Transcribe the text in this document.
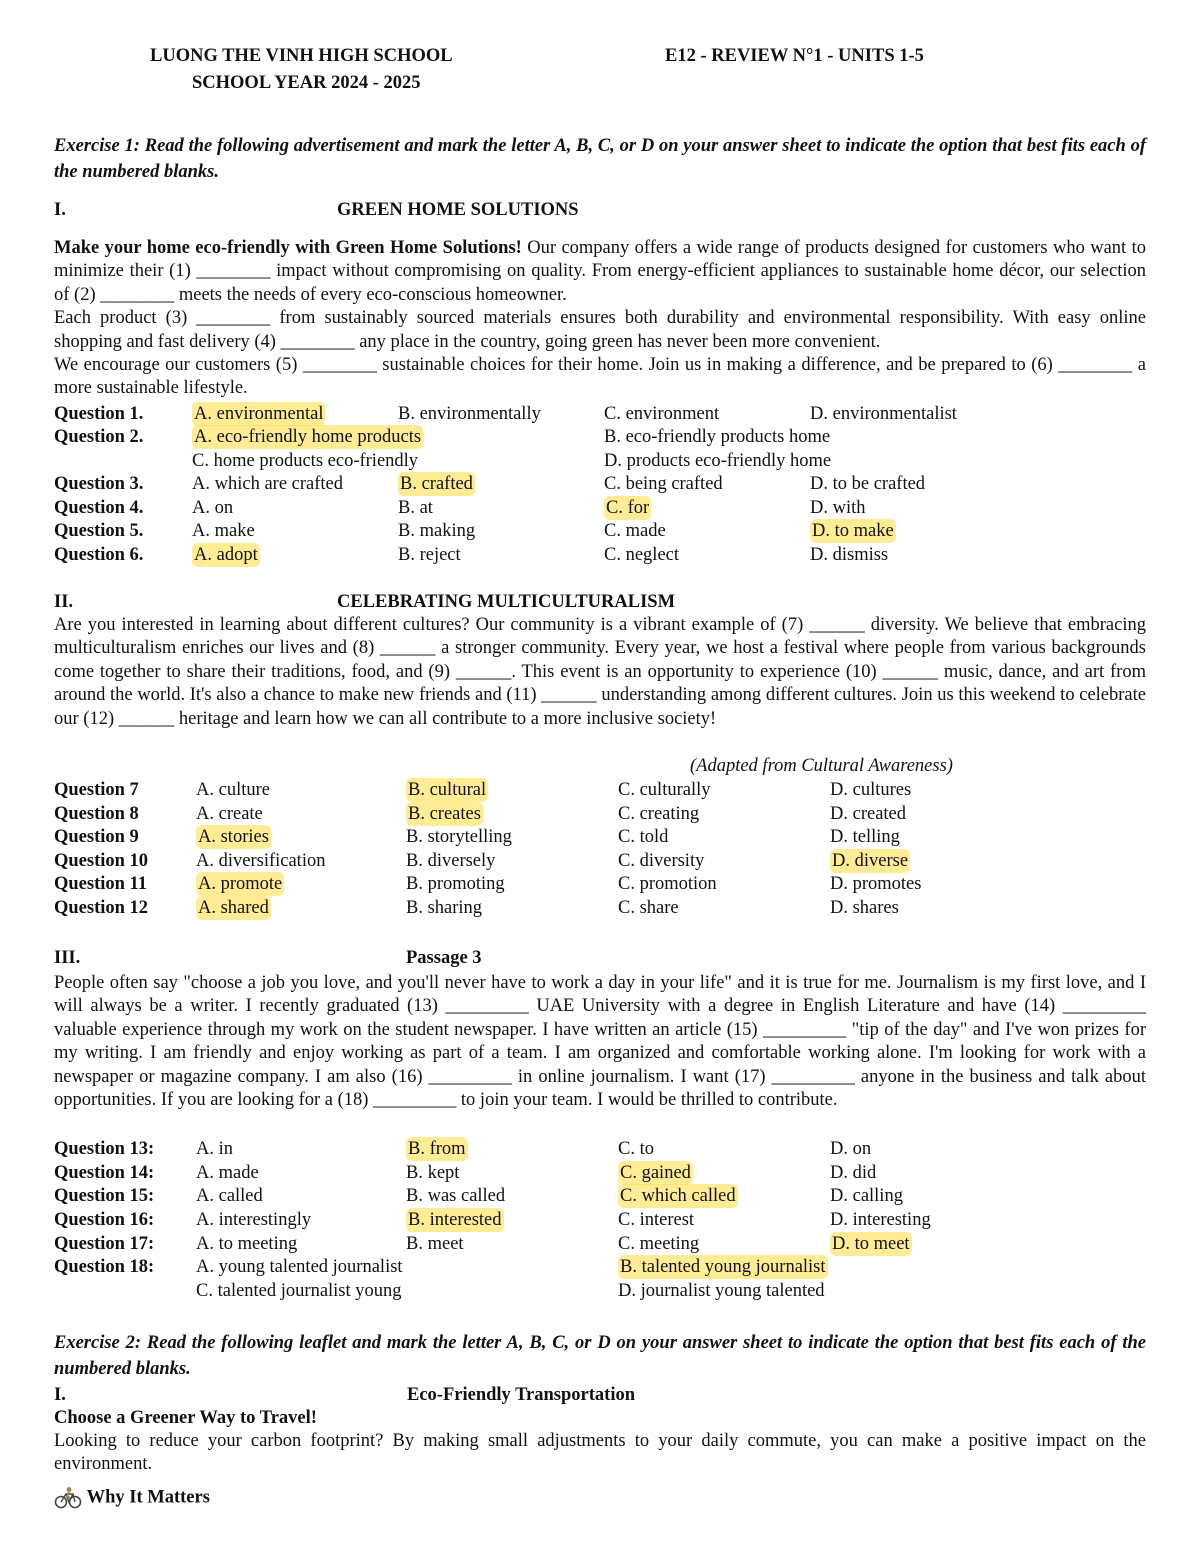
LUONG THE VINH HIGH SCHOOL
SCHOOL YEAR 2024 - 2025
E12 - REVIEW N°1 - UNITS 1-5
Exercise 1: Read the following advertisement and mark the letter A, B, C, or D on your answer sheet to indicate the option that best fits each of the numbered blanks.
I.	GREEN HOME SOLUTIONS

Make your home eco-friendly with Green Home Solutions! Our company offers a wide range of products designed for customers who want to minimize their (1) ________ impact without compromising on quality. From energy-efficient appliances to sustainable home décor, our selection of (2) ________ meets the needs of every eco-conscious homeowner.

Each product (3) ________ from sustainably sourced materials ensures both durability and environmental responsibility. With easy online shopping and fast delivery (4) ________ any place in the country, going green has never been more convenient.

We encourage our customers (5) ________ sustainable choices for their home. Join us in making a difference, and be prepared to (6) ________ a more sustainable lifestyle.

Question 1.	A. environmental	B. environmentally	C. environment	D. environmentalist
Question 2.	A. eco-friendly home products	B. eco-friendly products home
C. home products eco-friendly	D. products eco-friendly home
Question 3.	A. which are crafted	B. crafted	C. being crafted	D. to be crafted
Question 4.	A. on	B. at	C. for	D. with
Question 5.	A. make	B. making	C. made	D. to make
Question 6.	A. adopt	B. reject	C. neglect	D. dismiss
II.	CELEBRATING MULTICULTURALISM
Are you interested in learning about different cultures? Our community is a vibrant example of (7) ______ diversity. We believe that embracing multiculturalism enriches our lives and (8) ______ a stronger community. Every year, we host a festival where people from various backgrounds come together to share their traditions, food, and (9) ______. This event is an opportunity to experience (10) ______ music, dance, and art from around the world. It's also a chance to make new friends and (11) ______ understanding among different cultures. Join us this weekend to celebrate our (12) ______ heritage and learn how we can all contribute to a more inclusive society!
(Adapted from Cultural Awareness)
Question 7	A. culture	B. cultural	C. culturally	D. cultures
Question 8	A. create	B. creates	C. creating	D. created
Question 9	A. stories	B. storytelling	C. told	D. telling
Question 10	A. diversification	B. diversely	C. diversity	D. diverse
Question 11	A. promote	B. promoting	C. promotion	D. promotes
Question 12	A. shared	B. sharing	C. share	D. shares
III.	Passage 3
People often say "choose a job you love, and you'll never have to work a day in your life" and it is true for me. Journalism is my first love, and I will always be a writer. I recently graduated (13) _________ UAE University with a degree in English Literature and have (14) _________ valuable experience through my work on the student newspaper. I have written an article (15) _________ "tip of the day" and I've won prizes for my writing. I am friendly and enjoy working as part of a team. I am organized and comfortable working alone. I'm looking for work with a newspaper or magazine company. I am also (16) _________ in online journalism. I want (17) _________ anyone in the business and talk about opportunities. If you are looking for a (18) _________ to join your team. I would be thrilled to contribute.
Question 13: A. in	B. from	C. to	D. on
Question 14: A. made	B. kept	C. gained	D. did
Question 15: A. called	B. was called	C. which called	D. calling
Question 16: A. interestingly	B. interested	C. interest	D. interesting
Question 17: A. to meeting	B. meet	C. meeting	D. to meet
Question 18: A. young talented journalist	B. talented young journalist
C. talented journalist young	D. journalist young talented
Exercise 2: Read the following leaflet and mark the letter A, B, C, or D on your answer sheet to indicate the option that best fits each of the numbered blanks.
I.	Eco-Friendly Transportation
Choose a Greener Way to Travel!
Looking to reduce your carbon footprint? By making small adjustments to your daily commute, you can make a positive impact on the environment.
Why It Matters
